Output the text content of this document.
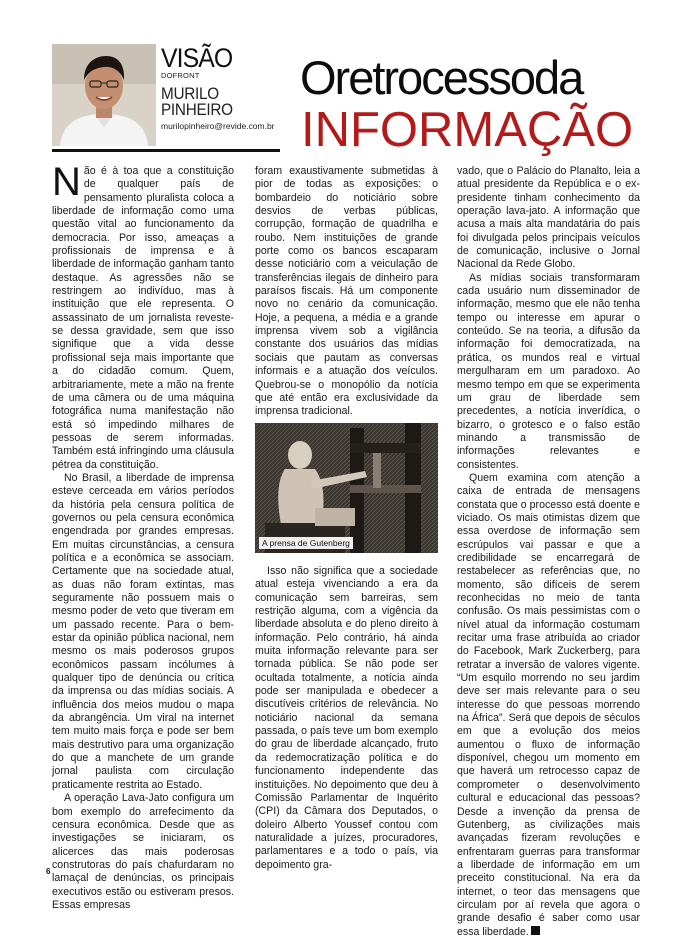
VISÃO
DOFRONT
MURILO
PINHEIRO
murilopinheiro@revide.com.br
Oretrocessoda
INFORMAÇÃO

Não é à toa que a constituição de qualquer país de pensamento pluralista coloca a liberdade de informação como uma questão vital ao funcionamento da democracia. Por isso, ameaças a profissionais de imprensa e à liberdade de informação ganham tanto destaque. As agressões não se restringem ao indivíduo, mas à instituição que ele representa. O assassinato de um jornalista reveste-se dessa gravidade, sem que isso signifique que a vida desse profissional seja mais importante que a do cidadão comum. Quem, arbitrariamente, mete a mão na frente de uma câmera ou de uma máquina fotográfica numa manifestação não está só impedindo milhares de pessoas de serem informadas. Também está infringindo uma cláusula pétrea da constituição.

No Brasil, a liberdade de imprensa esteve cerceada em vários períodos da história pela censura política de governos ou pela censura econômica engendrada por grandes empresas. Em muitas circunstâncias, a censura política e a econômica se associam. Certamente que na sociedade atual, as duas não foram extintas, mas seguramente não possuem mais o mesmo poder de veto que tiveram em um passado recente. Para o bem-estar da opinião pública nacional, nem mesmo os mais poderosos grupos econômicos passam incólumes à qualquer tipo de denúncia ou crítica da imprensa ou das mídias sociais. A influência dos meios mudou o mapa da abrangência. Um viral na internet tem muito mais força e pode ser bem mais destrutivo para uma organização do que a manchete de um grande jornal paulista com circulação praticamente restrita ao Estado.

A operação Lava-Jato configura um bom exemplo do arrefecimento da censura econômica. Desde que as investigações se iniciaram, os alicerces das mais poderosas construtoras do país chafurdaram no lamaçal de denúncias, os principais executivos estão ou estiveram presos. Essas empresas

foram exaustivamente submetidas à pior de todas as exposições: o bombardeio do noticiário sobre desvios de verbas públicas, corrupção, formação de quadrilha e roubo. Nem instituições de grande porte como os bancos escaparam desse noticiário com a veiculação de transferências ilegais de dinheiro para paraísos fiscais. Há um componente novo no cenário da comunicação. Hoje, a pequena, a média e a grande imprensa vivem sob a vigilância constante dos usuários das mídias sociais que pautam as conversas informais e a atuação dos veículos. Quebrou-se o monopólio da notícia que até então era exclusividade da imprensa tradicional.

A prensa de Gutenberg

Isso não significa que a sociedade atual esteja vivenciando a era da comunicação sem barreiras, sem restrição alguma, com a vigência da liberdade absoluta e do pleno direito à informação. Pelo contrário, há ainda muita informação relevante para ser tornada pública. Se não pode ser ocultada totalmente, a notícia ainda pode ser manipulada e obedecer a discutíveis critérios de relevância. No noticiário nacional da semana passada, o país teve um bom exemplo do grau de liberdade alcançado, fruto da redemocratização política e do funcionamento independente das instituições. No depoimento que deu à Comissão Parlamentar de Inquérito (CPI) da Câmara dos Deputados, o doleiro Alberto Youssef contou com naturalidade a juízes, procuradores, parlamentares e a todo o país, via depoimento gra-

vado, que o Palácio do Planalto, leia a atual presidente da República e o ex-presidente tinham conhecimento da operação lava-jato. A informação que acusa a mais alta mandatária do país foi divulgada pelos principais veículos de comunicação, inclusive o Jornal Nacional da Rede Globo.

As mídias sociais transformaram cada usuário num disseminador de informação, mesmo que ele não tenha tempo ou interesse em apurar o conteúdo. Se na teoria, a difusão da informação foi democratizada, na prática, os mundos real e virtual mergulharam em um paradoxo. Ao mesmo tempo em que se experimenta um grau de liberdade sem precedentes, a notícia inverídica, o bizarro, o grotesco e o falso estão minando a transmissão de informações relevantes e consistentes.

Quem examina com atenção a caixa de entrada de mensagens constata que o processo está doente e viciado. Os mais otimistas dizem que essa overdose de informação sem escrúpulos vai passar e que a credibilidade se encarregará de restabelecer as referências que, no momento, são difíceis de serem reconhecidas no meio de tanta confusão. Os mais pessimistas com o nível atual da informação costumam recitar uma frase atribuída ao criador do Facebook, Mark Zuckerberg, para retratar a inversão de valores vigente. “Um esquilo morrendo no seu jardim deve ser mais relevante para o seu interesse do que pessoas morrendo na África”. Será que depois de séculos em que a evolução dos meios aumentou o fluxo de informação disponível, chegou um momento em que haverá um retrocesso capaz de comprometer o desenvolvimento cultural e educacional das pessoas? Desde a invenção da prensa de Gutenberg, as civilizações mais avançadas fizeram revoluções e enfrentaram guerras para transformar a liberdade de informação em um preceito constitucional. Na era da internet, o teor das mensagens que circulam por aí revela que agora o grande desafio é saber como usar essa liberdade.

6
